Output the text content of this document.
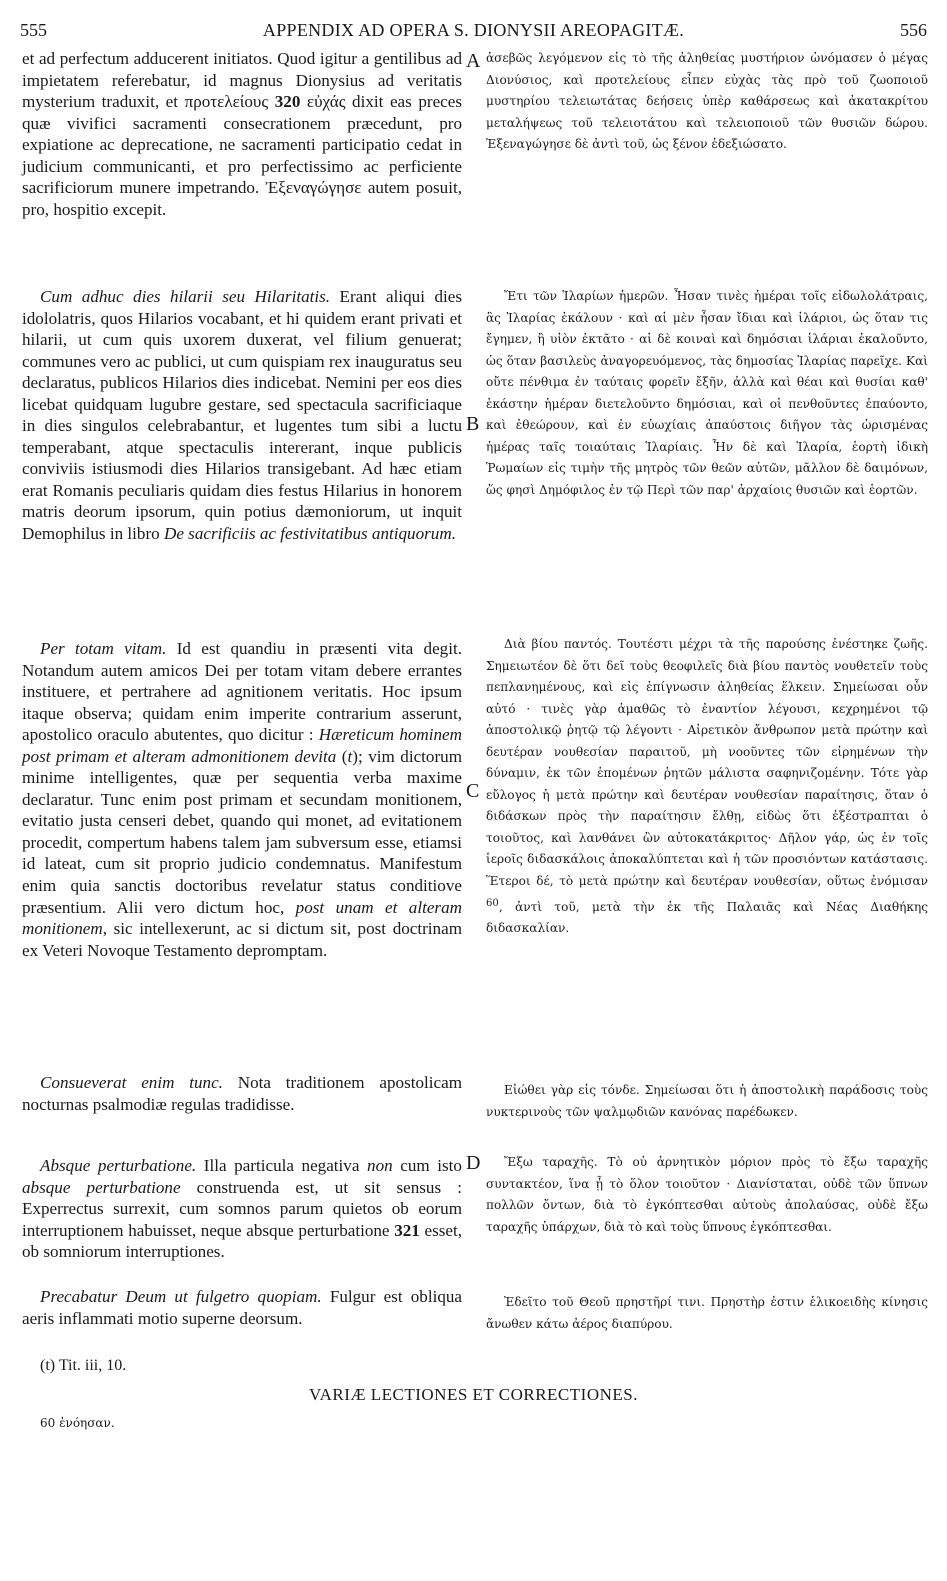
555	APPENDIX AD OPERA S. DIONYSII AREOPAGITÆ.	556

et ad perfectum adducerent initiatos. Quod igitur a gentilibus ad impietatem referebatur, id magnus Dionysius ad veritatis mysterium traduxit, et προτελείους 320 εὐχάς dixit eas preces quæ vivifici sacramenti consecrationem præcedunt, pro expiatione ac deprecatione, ne sacramenti participatio cedat in judicium communicanti, et pro perfectissimo ac perficiente sacrificiorum munere impetrando. Ἐξεναγώγησε autem posuit, pro, hospitio excepit.

Cum adhuc dies hilarii seu Hilaritatis. Erant aliqui dies idololatris, quos Hilarios vocabant, et hi quidem erant privati et hilarii, ut cum quis uxorem duxerat, vel filium genuerat; communes vero ac publici, ut cum quispiam rex inauguratus seu declaratus, publicos Hilarios dies indicebat. Nemini per eos dies licebat quidquam lugubre gestare, sed spectacula sacrificiaque in dies singulos celebrabantur, et lugentes tum sibi a luctu temperabant, atque spectaculis intererant, inque publicis conviviis istiusmodi dies Hilarios transigebant. Ad hæc etiam erat Romanis peculiaris quidam dies festus Hilarius in honorem matris deorum ipsorum, quin potius dæmoniorum, ut inquit Demophilus in libro De sacrificiis ac festivitatibus antiquorum.

Per totam vitam. Id est quandiu in præsenti vita degit. Notandum autem amicos Dei per totam vitam debere errantes instituere, et pertrahere ad agnitionem veritatis. Hoc ipsum itaque observa; quidam enim imperite contrarium asserunt, apostolico oraculo abutentes, quo dicitur : Hæreticum hominem post primam et alteram admonitionem devita (t); vim dictorum minime intelligentes, quæ per sequentia verba maxime declaratur. Tunc enim post primam et secundam monitionem, evitatio justa censeri debet, quando qui monet, ad evitationem procedit, compertum habens talem jam subversum esse, etiamsi id lateat, cum sit proprio judicio condemnatus. Manifestum enim quia sanctis doctoribus revelatur status conditiove præsentium. Alii vero dictum hoc, post unam et alteram monitionem, sic intellexerunt, ac si dictum sit, post doctrinam ex Veteri Novoque Testamento depromptam.

Consueverat enim tunc. Nota traditionem apostolicam nocturnas psalmodiæ regulas tradidisse.

Absque perturbatione. Illa particula negativa non cum isto absque perturbatione construenda est, ut sit sensus : Experrectus surrexit, cum somnos parum quietos ob eorum interruptionem habuisset, neque absque perturbatione 321 esset, ob somniorum interruptiones.

Precabatur Deum ut fulgetro quopiam. Fulgur est obliqua aeris inflammati motio superne deorsum.

A
B
C
D

ἀσεβῶς λεγόμενον εἰς τὸ τῆς ἀληθείας μυστήριον ὠνόμασεν ὁ μέγας Διονύσιος, καὶ προτελείους εἶπεν εὐχὰς τὰς πρὸ τοῦ ζωοποιοῦ μυστηρίου τελειωτάτας δεήσεις ὑπὲρ καθάρσεως καὶ ἀκατακρίτου μεταλήψεως τοῦ τελειοτάτου καὶ τελειοποιοῦ τῶν θυσιῶν δώρου. Ἐξεναγώγησε δὲ ἀντὶ τοῦ, ὡς ξένον ἐδεξιώσατο.

Ἔτι τῶν Ἱλαρίων ἡμερῶν. Ἦσαν τινὲς ἡμέραι τοῖς εἰδωλολάτραις, ἃς Ἱλαρίας ἐκάλουν · καὶ αἱ μὲν ἦσαν ἴδιαι καὶ ἱλάριοι, ὡς ὅταν τις ἔγημεν, ἢ υἱὸν ἐκτᾶτο · αἱ δὲ κοιναὶ καὶ δημόσιαι ἱλάριαι ἐκαλοῦντο, ὡς ὅταν βασιλεὺς ἀναγορευόμενος, τὰς δημοσίας Ἱλαρίας παρεῖχε. Καὶ οὔτε πένθιμα ἐν ταύταις φορεῖν ἔξῆν, ἀλλὰ καὶ θέαι καὶ θυσίαι καθ' ἑκάστην ἡμέραν διετελοῦντο δημόσιαι, καὶ οἱ πενθοῦντες ἐπαύοντο, καὶ ἐθεώρουν, καὶ ἐν εὐωχίαις ἀπαύστοις διῆγον τὰς ὡρισμένας ἡμέρας ταῖς τοιαύταις Ἱλαρίαις. Ἦν δὲ καὶ Ἱλαρία, ἑορτὴ ἰδικὴ Ῥωμαίων εἰς τιμὴν τῆς μητρὸς τῶν θεῶν αὐτῶν, μᾶλλον δὲ δαιμόνων, ὥς φησὶ Δημόφιλος ἐν τῷ Περὶ τῶν παρ' ἀρχαίοις θυσιῶν καὶ ἑορτῶν.

Διὰ βίου παντός. Τουτέστι μέχρι τὰ τῆς παρούσης ἐνέστηκε ζωῆς. Σημειωτέον δὲ ὅτι δεῖ τοὺς θεοφιλεῖς διὰ βίου παντὸς νουθετεῖν τοὺς πεπλανημένους, καὶ εἰς ἐπίγνωσιν ἀληθείας ἕλκειν. Σημείωσαι οὖν αὐτό · τινὲς γὰρ ἀμαθῶς τὸ ἐναντίον λέγουσι, κεχρημένοι τῷ ἀποστολικῷ ῥητῷ τῷ λέγοντι · Αἱρετικὸν ἄνθρωπον μετὰ πρώτην καὶ δευτέραν νουθεσίαν παραιτοῦ, μὴ νοοῦντες τῶν εἰρημένων τὴν δύναμιν, ἐκ τῶν ἑπομένων ῥητῶν μάλιστα σαφηνιζομένην. Τότε γὰρ εὔλογος ἡ μετὰ πρώτην καὶ δευτέραν νουθεσίαν παραίτησις, ὅταν ὁ διδάσκων πρὸς τὴν παραίτησιν ἔλθῃ, εἰδὼς ὅτι ἐξέστραπται ὁ τοιοῦτος, καὶ λανθάνει ὢν αὐτοκατάκριτος· Δῆλον γάρ, ὡς ἐν τοῖς ἱεροῖς διδασκάλοις ἀποκαλύπτεται καὶ ἡ τῶν προσιόντων κατάστασις. Ἕτεροι δέ, τὸ μετὰ πρώτην καὶ δευτέραν νουθεσίαν, οὕτως ἐνόμισαν $^{60}$, ἀντὶ τοῦ, μετὰ τὴν ἐκ τῆς Παλαιᾶς καὶ Νέας Διαθήκης διδασκαλίαν.

Εἰώθει γὰρ εἰς τόνδε. Σημείωσαι ὅτι ἡ ἀποστολικὴ παράδοσις τοὺς νυκτερινοὺς τῶν ψαλμῳδιῶν κανόνας παρέδωκεν.

Ἔξω ταραχῆς. Τὸ οὐ ἀρνητικὸν μόριον πρὸς τὸ ἔξω ταραχῆς συντακτέον, ἵνα ᾖ τὸ ὅλον τοιοῦτον · Διανίσταται, οὐδὲ τῶν ὕπνων πολλῶν ὄντων, διὰ τὸ ἐγκόπτεσθαι αὐτοὺς ἀπολαύσας, οὐδὲ ἔξω ταραχῆς ὑπάρχων, διὰ τὸ καὶ τοὺς ὕπνους ἐγκόπτεσθαι.

Ἐδεῖτο τοῦ Θεοῦ πρηστῆρί τινι. Πρηστὴρ ἐστιν ἑλικοειδὴς κίνησις ἄνωθεν κάτω ἀέρος διαπύρου.

(t) Tit. iii, 10.
VARIÆ LECTIONES ET CORRECTIONES.
60 ἐνόησαν.
